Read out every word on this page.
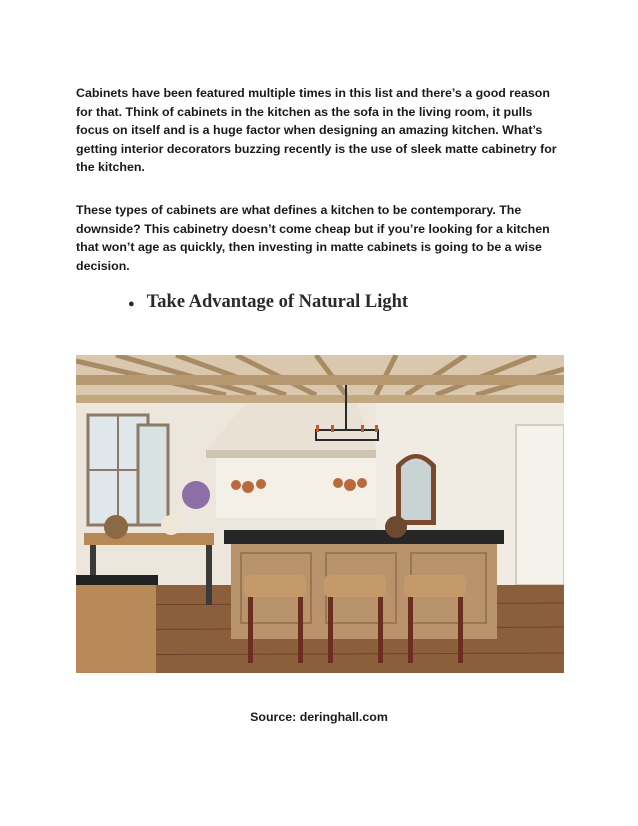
Cabinets have been featured multiple times in this list and there’s a good reason for that. Think of cabinets in the kitchen as the sofa in the living room, it pulls focus on itself and is a huge factor when designing an amazing kitchen. What’s getting interior decorators buzzing recently is the use of sleek matte cabinetry for the kitchen.

These types of cabinets are what defines a kitchen to be contemporary. The downside? This cabinetry doesn’t come cheap but if you’re looking for a kitchen that won’t age as quickly, then investing in matte cabinets is going to be a wise decision.

● Take Advantage of Natural Light
Source: deringhall.com
